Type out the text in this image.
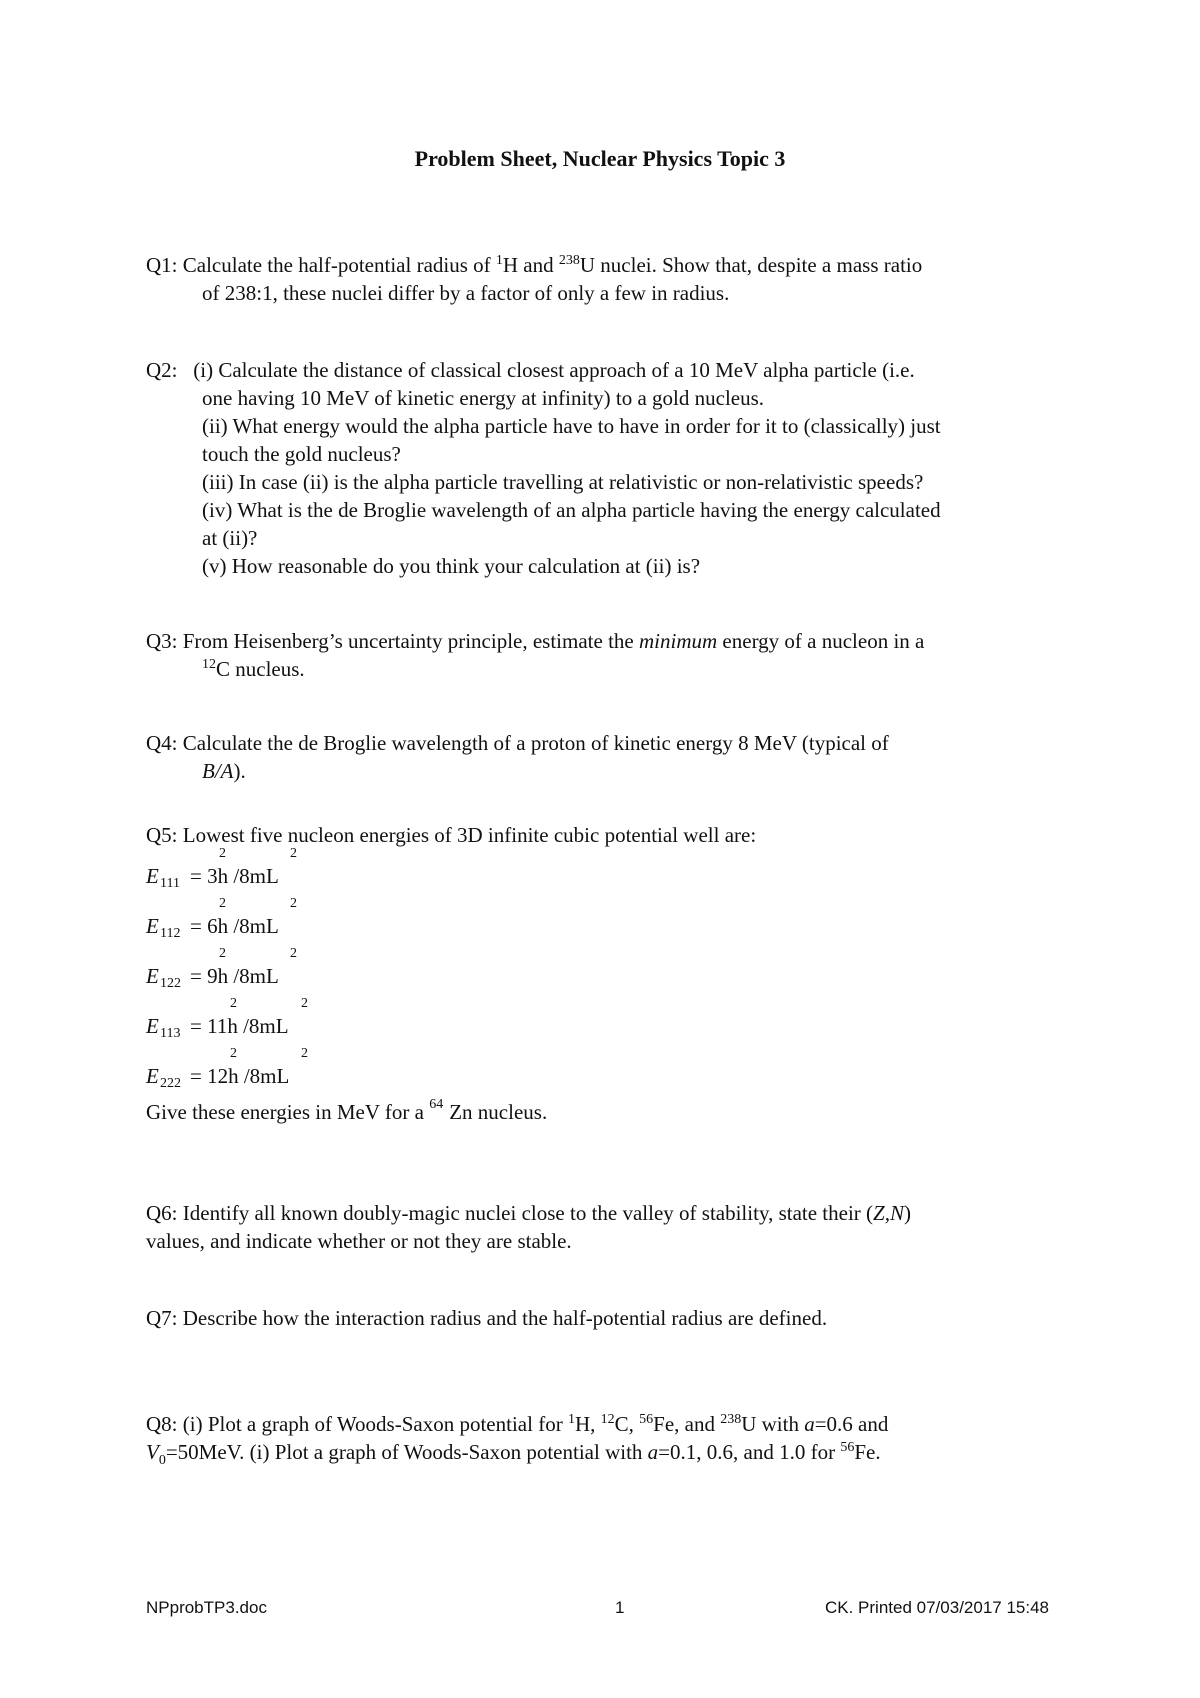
Problem Sheet, Nuclear Physics Topic 3
Q1: Calculate the half-potential radius of $^1$H and $^{238}$U nuclei. Show that, despite a mass ratio
of 238:1, these nuclei differ by a factor of only a few in radius.
Q2: (i) Calculate the distance of classical closest approach of a 10 MeV alpha particle (i.e.
one having 10 MeV of kinetic energy at infinity) to a gold nucleus.
(ii) What energy would the alpha particle have to have in order for it to (classically) just
touch the gold nucleus?
(iii) In case (ii) is the alpha particle travelling at relativistic or non-relativistic speeds?
(iv) What is the de Broglie wavelength of an alpha particle having the energy calculated
at (ii)?
(v) How reasonable do you think your calculation at (ii) is?
Q3: From Heisenberg’s uncertainty principle, estimate the minimum energy of a nucleon in a
$^{12}$C nucleus.
Q4: Calculate the de Broglie wavelength of a proton of kinetic energy 8 MeV (typical of
B/A).
Q5: Lowest five nucleon energies of 3D infinite cubic potential well are:
E 111 = 3h /8mL
2	2
E 112 = 6h /8mL
2	2
E 122 = 9h /8mL
2	2
E 113 = 11h /8mL
2	2
E 222 = 12h /8mL
2	2
Give these energies in MeV for a 64 Zn nucleus.
Q6: Identify all known doubly-magic nuclei close to the valley of stability, state their (Z,N)
values, and indicate whether or not they are stable.
Q7: Describe how the interaction radius and the half-potential radius are defined.
Q8: (i) Plot a graph of Woods-Saxon potential for $^1$H, $^{12}$C, $^{56}$Fe, and $^{238}$U with a=0.6 and
$V_0=50MeV$. (i) Plot a graph of Woods-Saxon potential with a=0.1, 0.6, and 1.0 for $^{56}$Fe.
NPprobTP3.doc	1	CK. Printed 07/03/2017 15:48
